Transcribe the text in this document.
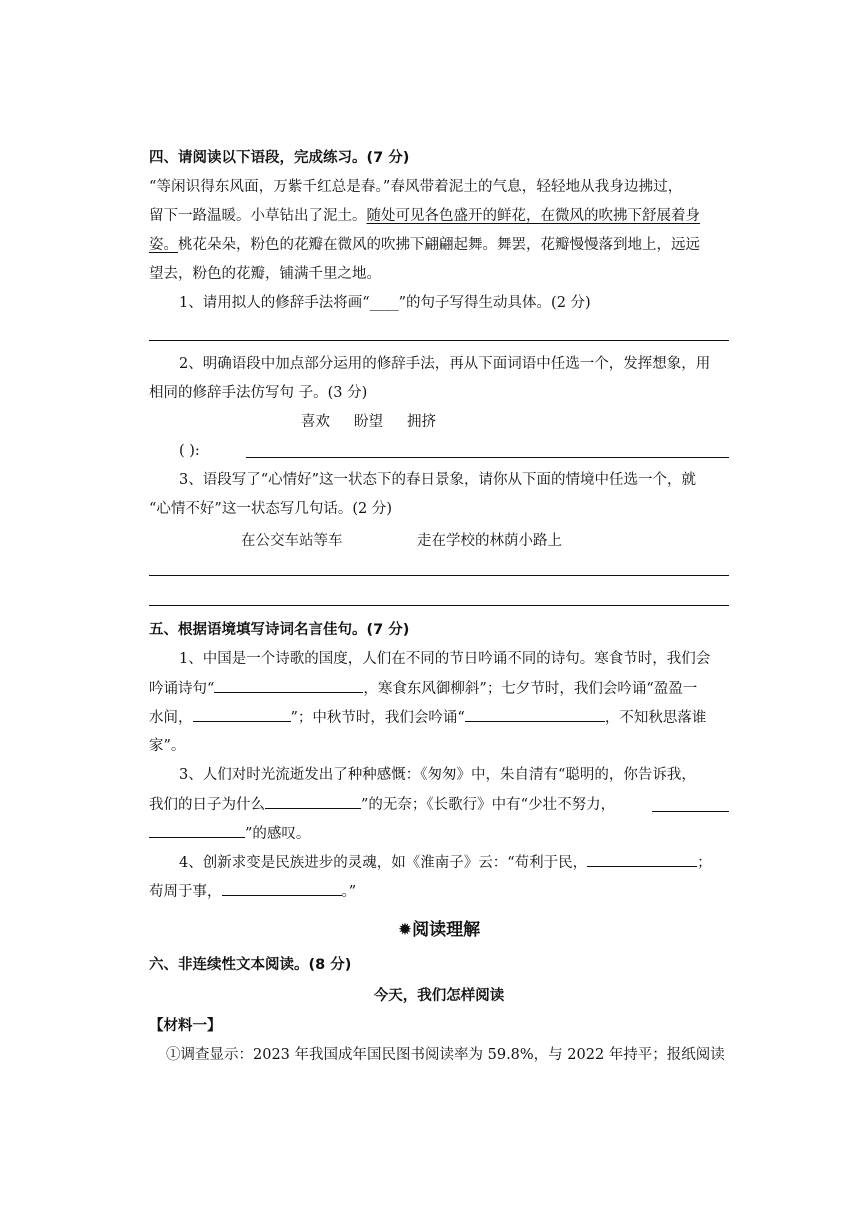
四、请阅读以下语段，完成练习。(7 分)
“等闲识得东风面，万紫千红总是春。”春风带着泥土的气息，轻轻地从我身边拂过，
留下一路温暖。小草钻出了泥土。随处可见各色盛开的鲜花，在微风的吹拂下舒展着身
姿。桃花朵朵，粉色的花瓣在微风的吹拂下翩翩起舞。舞罢，花瓣慢慢落到地上，远远
望去，粉色的花瓣，铺满千里之地。
1、请用拟人的修辞手法将画“____”的句子写得生动具体。(2 分)
2、明确语段中加点部分运用的修辞手法，再从下面词语中任选一个，发挥想象，用
相同的修辞手法仿写句 子。(3 分)
喜欢 盼望 拥挤
( ):
3、语段写了“心情好”这一状态下的春日景象，请你从下面的情境中任选一个，就
“心情不好”这一状态写几句话。(2 分)
在公交车站等车	走在学校的林荫小路上
五、根据语境填写诗词名言佳句。(7 分)
1、中国是一个诗歌的国度，人们在不同的节日吟诵不同的诗句。寒食节时，我们会
吟诵诗句“	，寒食东风御柳斜”；七夕节时，我们会吟诵“盈盈一
水间，	”；中秋节时，我们会吟诵“	，不知秋思落谁
家”。
3、人们对时光流逝发出了种种感慨：《匆匆》中，朱自清有“聪明的，你告诉我，
我们的日子为什么	”的无奈；《长歌行》中有“少壮不努力，
”的感叹。
4、创新求变是民族进步的灵魂，如《淮南子》云：“苟利于民，	；
苟周于事，	。”
✹阅读理解
六、非连续性文本阅读。(8 分)
今天，我们怎样阅读
【材料一】
①调查显示：2023 年我国成年国民图书阅读率为 59.8%，与 2022 年持平；报纸阅读
